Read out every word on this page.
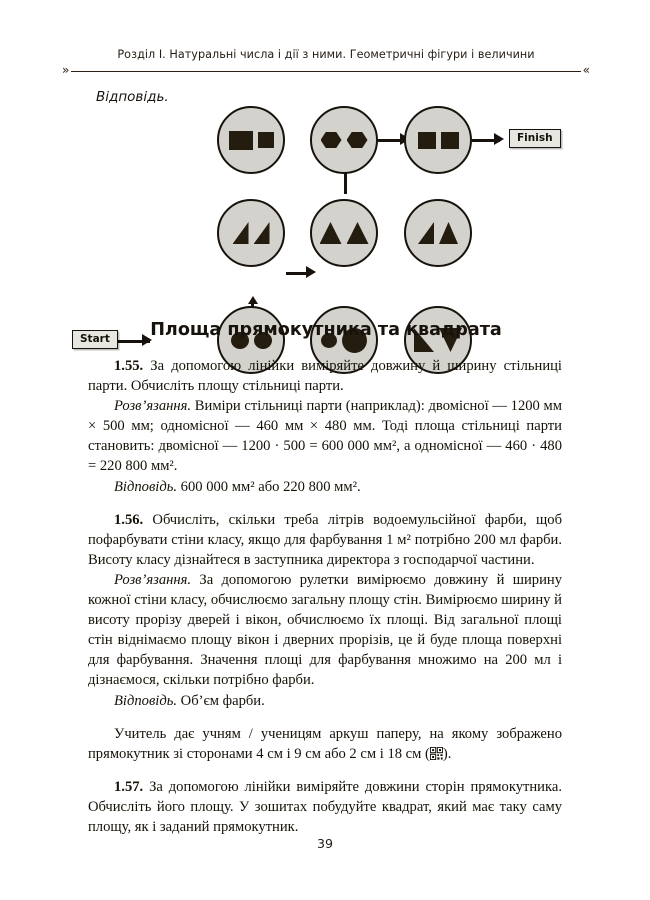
Розділ I. Натуральні числа і дії з ними. Геометричні фігури і величини
»	«
Відповідь.
Start
Finish
Площа прямокутника та квадрата

1.55. За допомогою лінійки виміряйте довжину й ширину стільниці парти. Обчисліть площу стільниці парти.

Розв’язання. Виміри стільниці парти (наприклад): двомісної — 1200 мм × 500 мм; одномісної — 460 мм × 480 мм. Тоді площа стільниці парти становить: двомісної — 1200 · 500 = 600 000 мм², а одномісної — 460 · 480 = 220 800 мм².

Відповідь. 600 000 мм² або 220 800 мм².

1.56. Обчисліть, скільки треба літрів водоемульсійної фарби, щоб пофарбувати стіни класу, якщо для фарбування 1 м² потрібно 200 мл фарби. Висоту класу дізнайтеся в заступника директора з господарчої частини.

Розв’язання. За допомогою рулетки вимірюємо довжину й ширину кожної стіни класу, обчислюємо загальну площу стін. Вимірюємо ширину й висоту прорізу дверей і вікон, обчислюємо їх площі. Від загальної площі стін віднімаємо площу вікон і дверних прорізів, це й буде площа поверхні для фарбування. Значення площі для фарбування множимо на 200 мл і дізнаємося, скільки потрібно фарби.

Відповідь. Об’єм фарби.

Учитель дає учням / ученицям аркуш паперу, на якому зображено прямокутник зі сторонами 4 см і 9 см або 2 см і 18 см ( ).

1.57. За допомогою лінійки виміряйте довжини сторін прямокутника. Обчисліть його площу. У зошитах побудуйте квадрат, який має таку саму площу, як і заданий прямокутник.

39
